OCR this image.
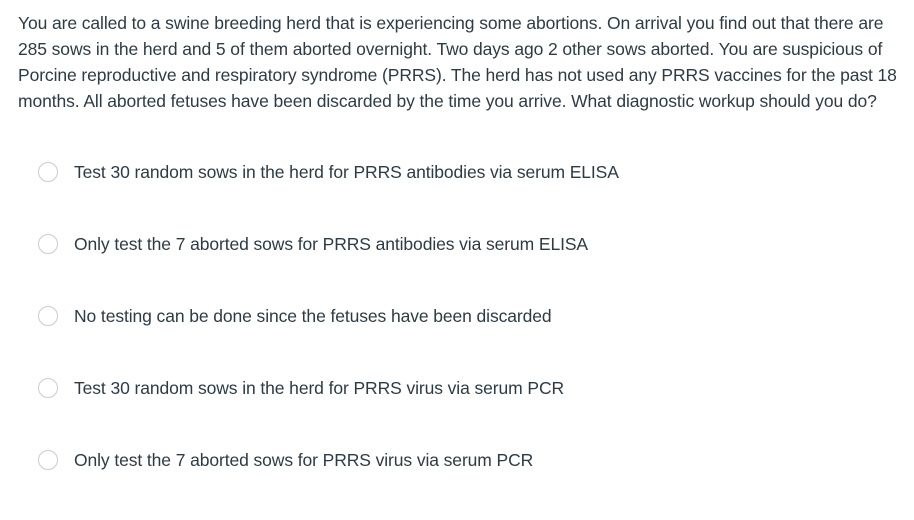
You are called to a swine breeding herd that is experiencing some abortions. On arrival you find out that there are 285 sows in the herd and 5 of them aborted overnight. Two days ago 2 other sows aborted. You are suspicious of Porcine reproductive and respiratory syndrome (PRRS). The herd has not used any PRRS vaccines for the past 18 months. All aborted fetuses have been discarded by the time you arrive. What diagnostic workup should you do?
Test 30 random sows in the herd for PRRS antibodies via serum ELISA
Only test the 7 aborted sows for PRRS antibodies via serum ELISA
No testing can be done since the fetuses have been discarded
Test 30 random sows in the herd for PRRS virus via serum PCR
Only test the 7 aborted sows for PRRS virus via serum PCR
